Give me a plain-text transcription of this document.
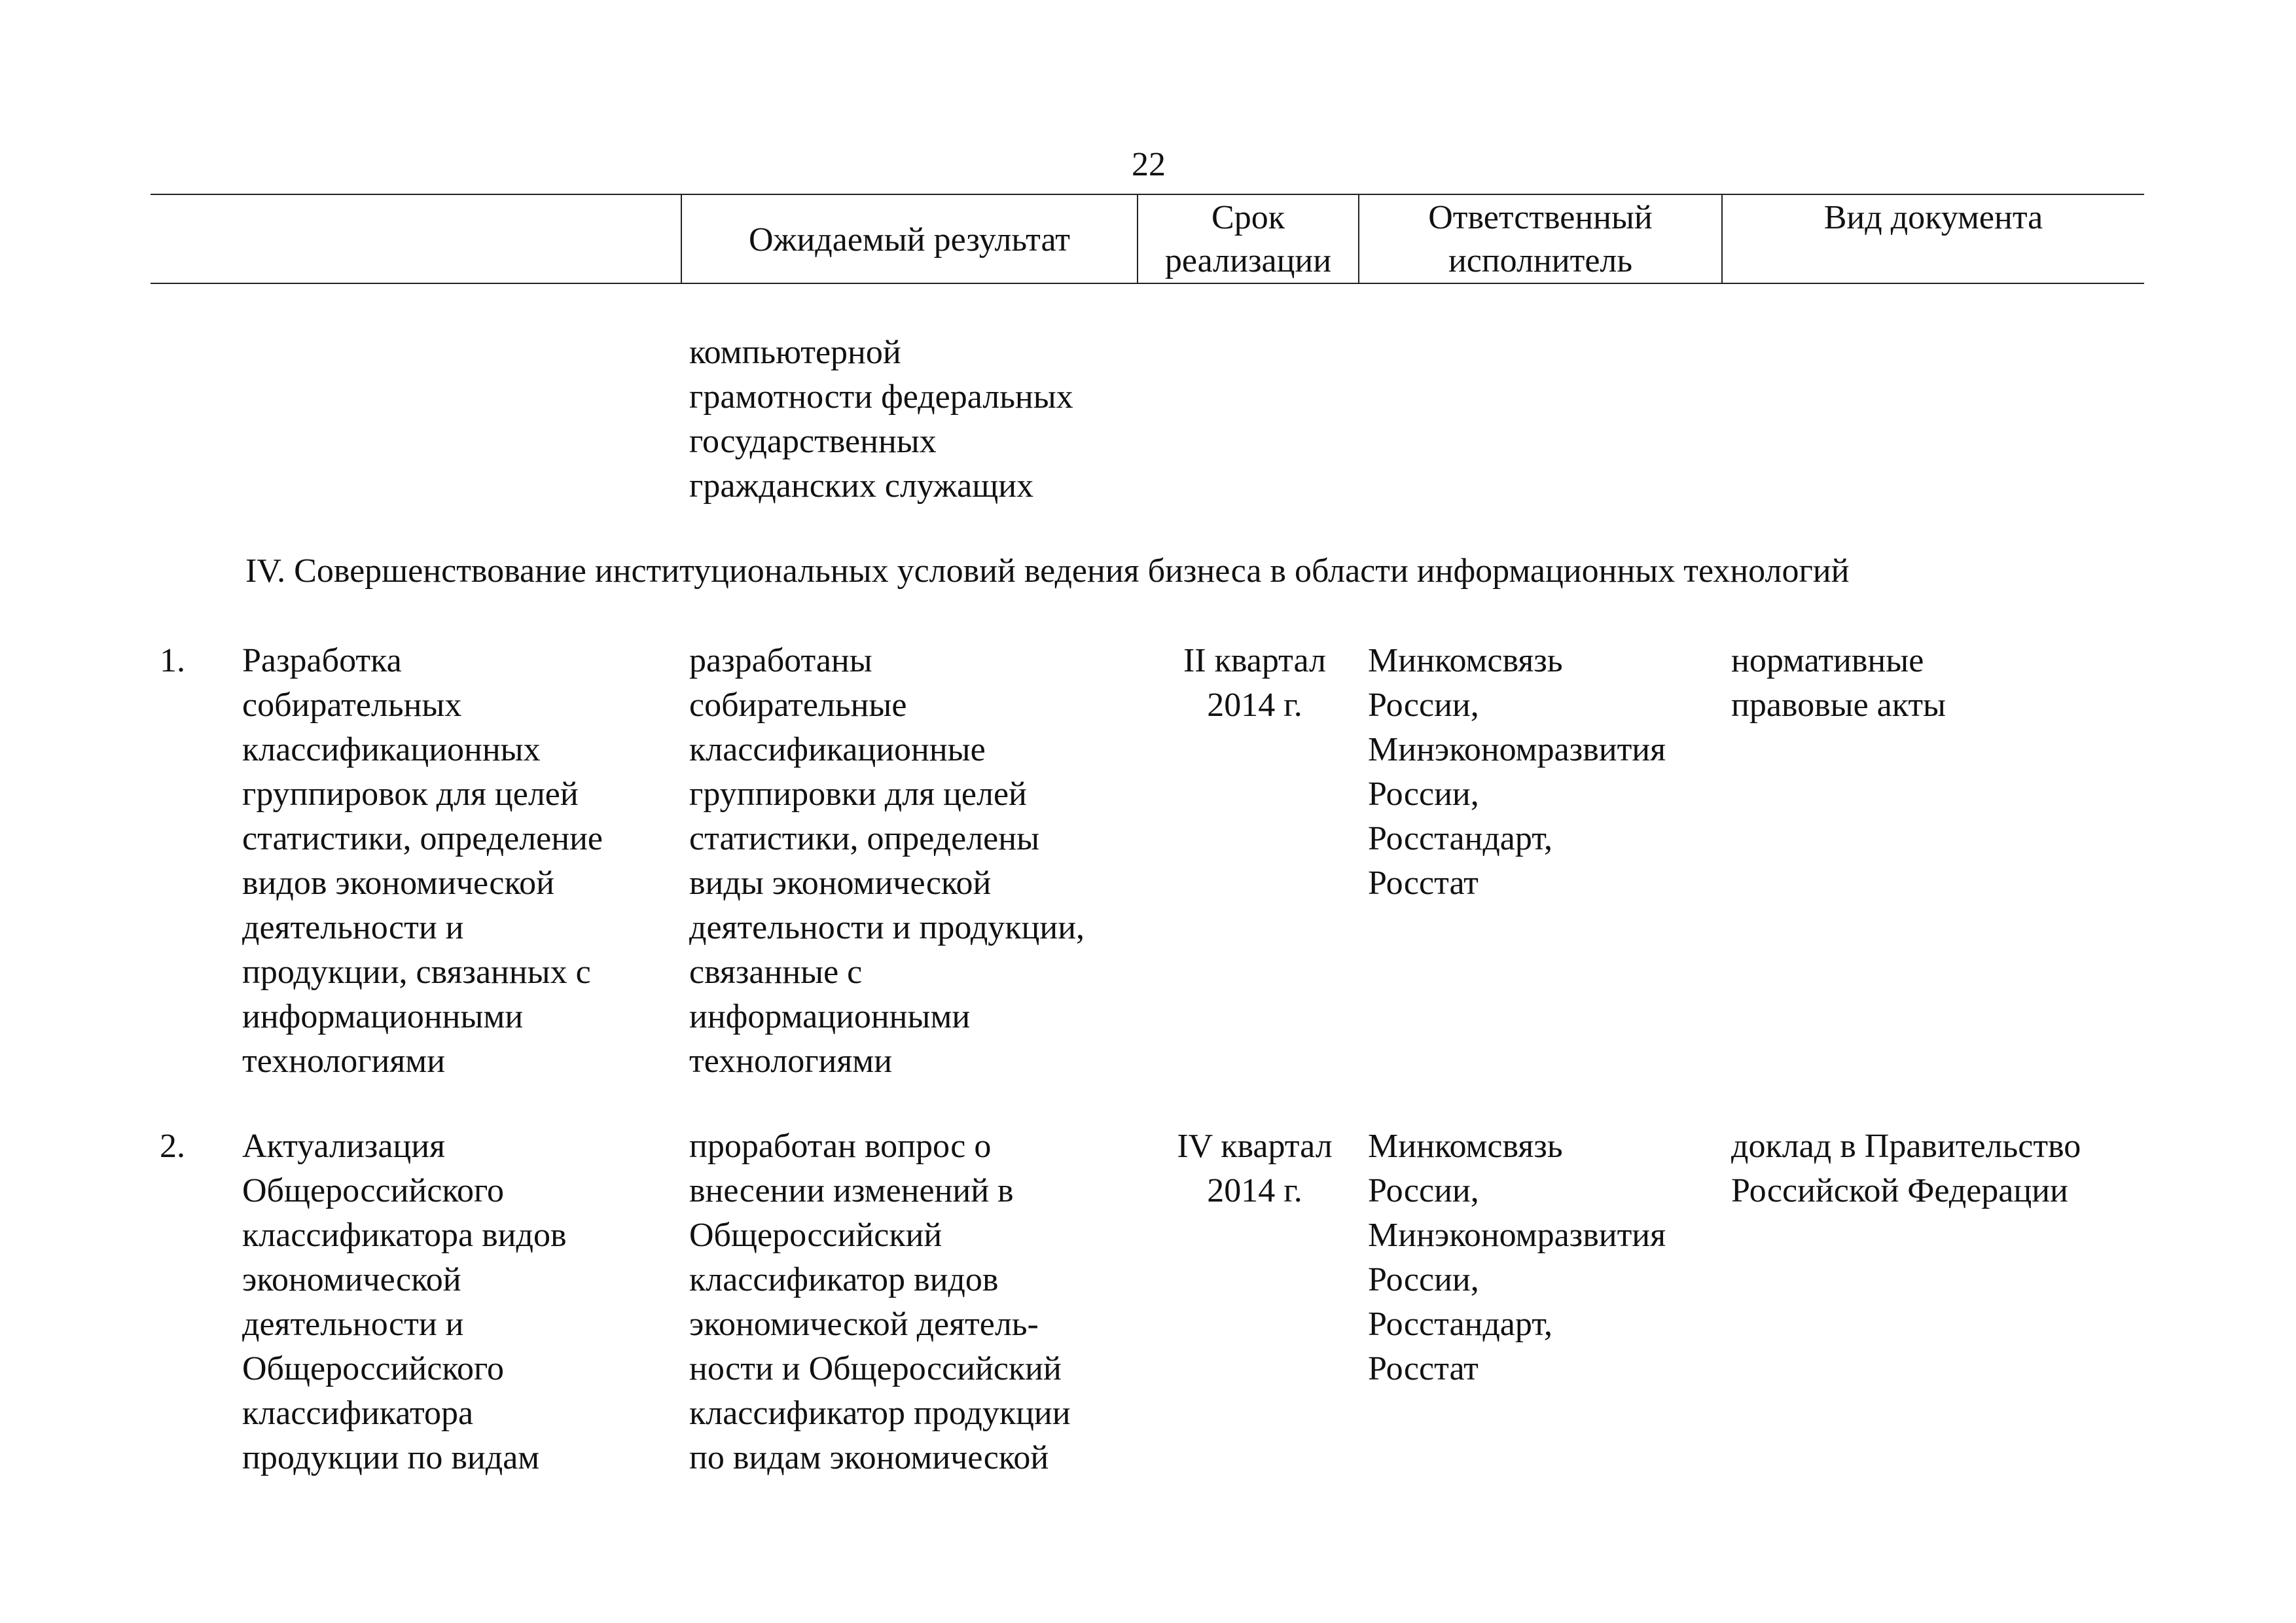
22
Ожидаемый результат
Срок
реализации
Ответственный
исполнитель
Вид документа
компьютерной
грамотности федеральных
государственных
гражданских служащих
IV. Совершенствование институциональных условий ведения бизнеса в области информационных технологий
1. Разработка
собирательных
классификационных
группировок для целей
статистики, определение
видов экономической
деятельности и
продукции, связанных с
информационными
технологиями
разработаны
собирательные
классификационные
группировки для целей
статистики, определены
виды экономической
деятельности и продукции,
связанные с
информационными
технологиями
II квартал
2014 г.
Минкомсвязь
России,
Минэкономразвития
России,
Росстандарт,
Росстат
нормативные
правовые акты
2. Актуализация
Общероссийского
классификатора видов
экономической
деятельности и
Общероссийского
классификатора
продукции по видам
проработан вопрос о
внесении изменений в
Общероссийский
классификатор видов
экономической деятель-
ности и Общероссийский
классификатор продукции
по видам экономической
IV квартал
2014 г.
Минкомсвязь
России,
Минэкономразвития
России,
Росстандарт,
Росстат
доклад в Правительство
Российской Федерации
